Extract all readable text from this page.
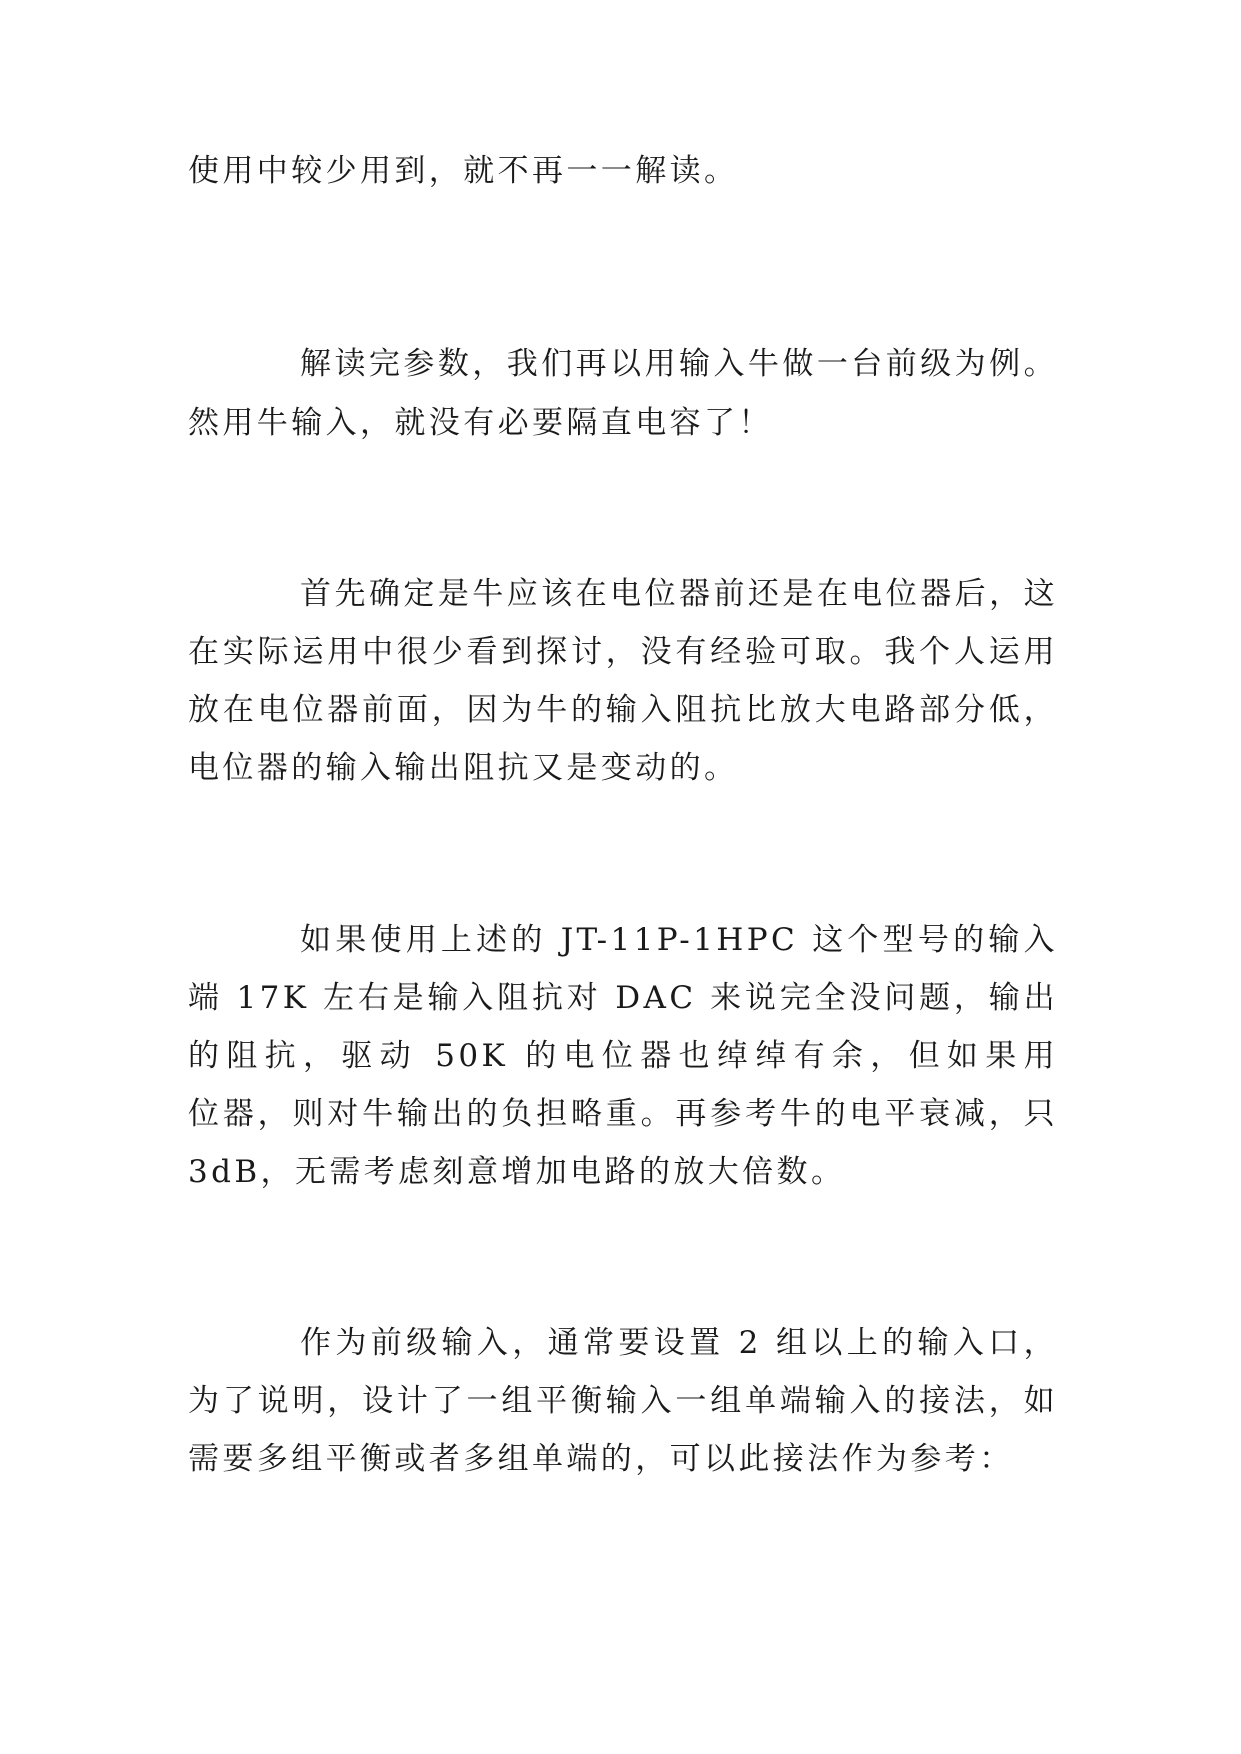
使用中较少用到，就不再一一解读。
解读完参数，我们再以用输入牛做一台前级为例。
然用牛输入，就没有必要隔直电容了！
首先确定是牛应该在电位器前还是在电位器后，这
在实际运用中很少看到探讨，没有经验可取。我个人运用
放在电位器前面，因为牛的输入阻抗比放大电路部分低，
电位器的输入输出阻抗又是变动的。
如果使用上述的 JT-11P-1HPC 这个型号的输入
端 17K 左右是输入阻抗对 DAC 来说完全没问题，输出
的阻抗，驱动 50K 的电位器也绰绰有余，但如果用
位器，则对牛输出的负担略重。再参考牛的电平衰减，只
3dB，无需考虑刻意增加电路的放大倍数。
作为前级输入，通常要设置 2 组以上的输入口，
为了说明，设计了一组平衡输入一组单端输入的接法，如
需要多组平衡或者多组单端的，可以此接法作为参考：
